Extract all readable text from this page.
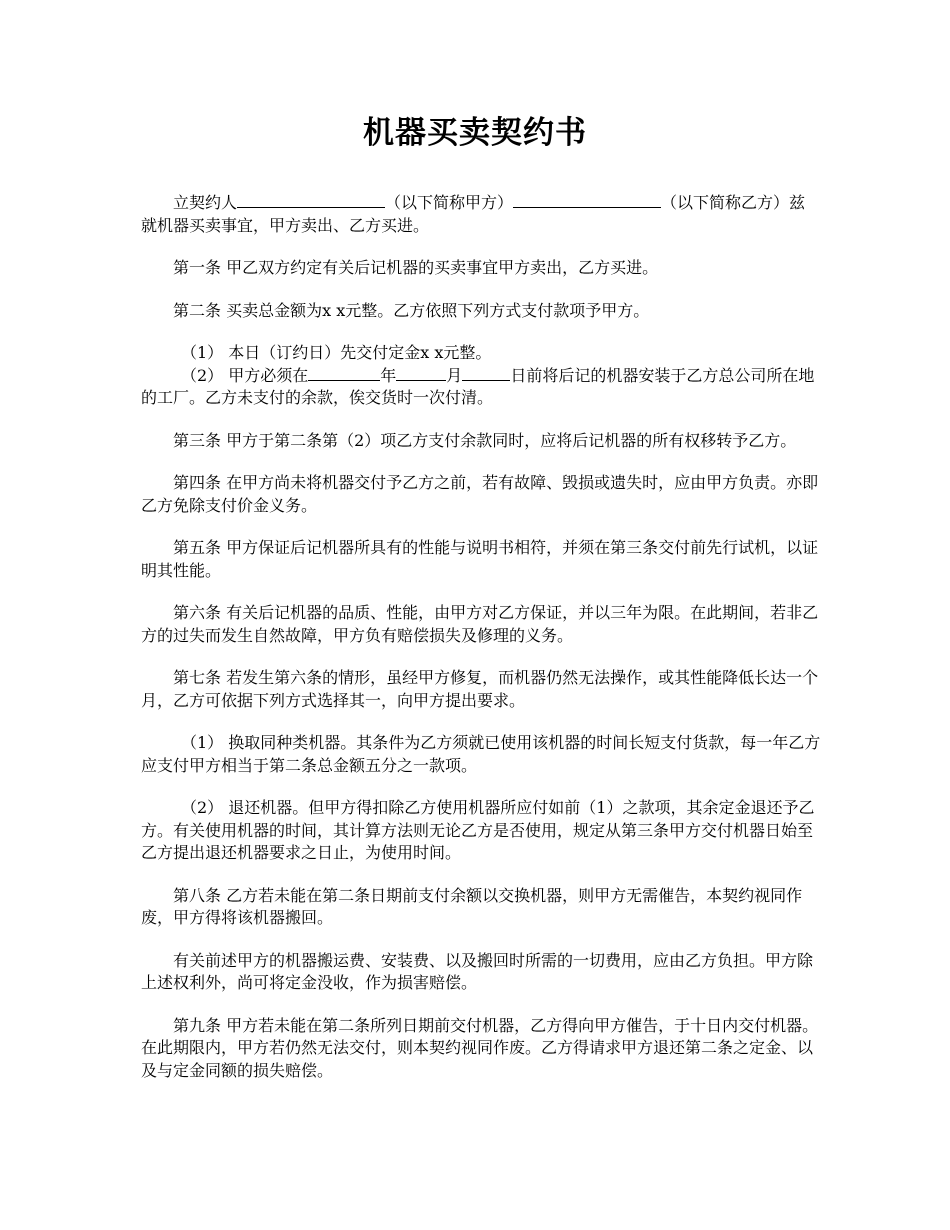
机器买卖契约书

立契约人	（以下简称甲方）	（以下简称乙方）兹就机器买卖事宜，甲方卖出、乙方买进。

第一条 甲乙双方约定有关后记机器的买卖事宜甲方卖出，乙方买进。

第二条 买卖总金额为x x元整。乙方依照下列方式支付款项予甲方。

（1） 本日（订约日）先交付定金x x元整。

（2） 甲方必须在	年	月	日前将后记的机器安装于乙方总公司所在地的工厂。乙方未支付的余款，俟交货时一次付清。

第三条 甲方于第二条第（2）项乙方支付余款同时，应将后记机器的所有权移转予乙方。

第四条 在甲方尚未将机器交付予乙方之前，若有故障、毁损或遗失时，应由甲方负责。亦即乙方免除支付价金义务。

第五条 甲方保证后记机器所具有的性能与说明书相符，并须在第三条交付前先行试机，以证明其性能。

第六条 有关后记机器的品质、性能，由甲方对乙方保证，并以三年为限。在此期间，若非乙方的过失而发生自然故障，甲方负有赔偿损失及修理的义务。

第七条 若发生第六条的情形，虽经甲方修复，而机器仍然无法操作，或其性能降低长达一个月，乙方可依据下列方式选择其一，向甲方提出要求。

（1） 换取同种类机器。其条件为乙方须就已使用该机器的时间长短支付货款，每一年乙方应支付甲方相当于第二条总金额五分之一款项。

（2） 退还机器。但甲方得扣除乙方使用机器所应付如前（1）之款项，其余定金退还予乙方。有关使用机器的时间，其计算方法则无论乙方是否使用，规定从第三条甲方交付机器日始至乙方提出退还机器要求之日止，为使用时间。

第八条 乙方若未能在第二条日期前支付余额以交换机器，则甲方无需催告，本契约视同作废，甲方得将该机器搬回。

有关前述甲方的机器搬运费、安装费、以及搬回时所需的一切费用，应由乙方负担。甲方除上述权利外，尚可将定金没收，作为损害赔偿。

第九条 甲方若未能在第二条所列日期前交付机器，乙方得向甲方催告，于十日内交付机器。在此期限内，甲方若仍然无法交付，则本契约视同作废。乙方得请求甲方退还第二条之定金、以及与定金同额的损失赔偿。
